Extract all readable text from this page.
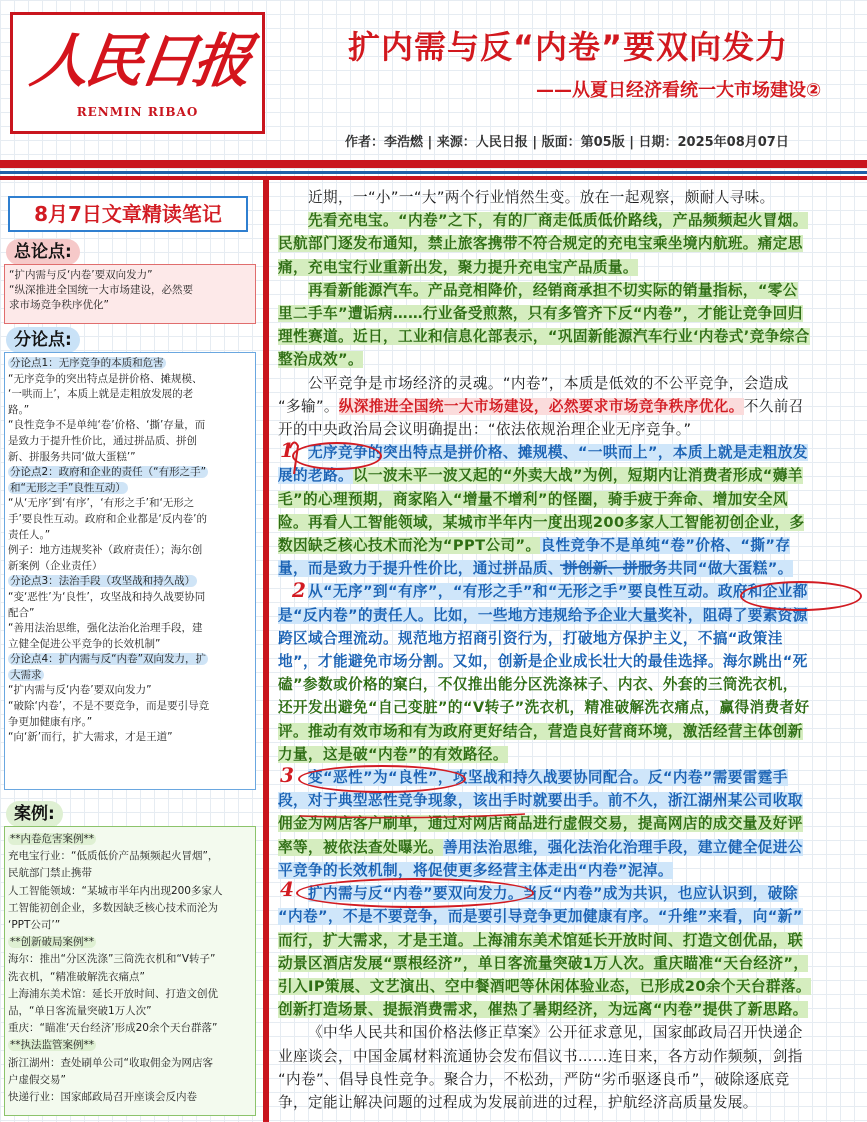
人民日报
RENMIN RIBAO
扩内需与反“内卷”要双向发力
——从夏日经济看统一大市场建设②
作者：李浩燃 | 来源：人民日报 | 版面：第05版 | 日期：2025年08月07日
8月7日文章精读笔记
总论点:
“扩内需与反‘内卷’要双向发力”
“纵深推进全国统一大市场建设，必然要
求市场竞争秩序优化”
分论点:
分论点1：无序竞争的本质和危害
“无序竞争的突出特点是拼价格、摊规模、
‘一哄而上’，本质上就是走粗放发展的老
路。”
“良性竞争不是单纯‘卷’价格、‘撕’存量，而
是致力于提升性价比，通过拼品质、拼创
新、拼服务共同‘做大蛋糕’”
分论点2：政府和企业的责任（“有形之手”
和“无形之手”良性互动）
“从‘无序’到‘有序’，‘有形之手’和‘无形之
手’要良性互动。政府和企业都是‘反内卷’的
责任人。”
例子：地方违规奖补（政府责任）；海尔创
新案例（企业责任）
分论点3：法治手段（攻坚战和持久战）
“变‘恶性’为‘良性’，攻坚战和持久战要协同
配合”
“善用法治思维，强化法治化治理手段，建
立健全促进公平竞争的长效机制”
分论点4：扩内需与反“内卷”双向发力，扩
大需求
“扩内需与反‘内卷’要双向发力”
“破除‘内卷’，不是不要竞争，而是要引导竞
争更加健康有序。”
“向‘新’而行，扩大需求，才是王道”
案例:
**内卷危害案例**
充电宝行业：“低质低价产品频频起火冒烟”，
民航部门禁止携带
人工智能领域：“某城市半年内出现200多家人
工智能初创企业，多数因缺乏核心技术而沦为
‘PPT公司’”
**创新破局案例**
海尔：推出“分区洗涤”三筒洗衣机和“V转子”
洗衣机，“精准破解洗衣痛点”
上海浦东美术馆：延长开放时间、打造文创优
品，“单日客流量突破1万人次”
重庆：“瞄准‘天台经济’形成20余个天台群落”
**执法监管案例**
浙江湖州：查处刷单公司“收取佣金为网店客
户虚假交易”
快递行业：国家邮政局召开座谈会反内卷
近期，一“小”一“大”两个行业悄然生变。放在一起观察，颇耐人寻味。
先看充电宝。“内卷”之下，有的厂商走低质低价路线，产品频频起火冒烟。
民航部门逐发布通知，禁止旅客携带不符合规定的充电宝乘坐境内航班。痛定思
痛，充电宝行业重新出发，聚力提升充电宝产品质量。
再看新能源汽车。产品竞相降价，经销商承担不切实际的销量指标，“零公
里二手车”遭诟病……行业备受煎熬，只有多管齐下反“内卷”，才能让竞争回归
理性赛道。近日，工业和信息化部表示，“巩固新能源汽车行业‘内卷式’竞争综合
整治成效”。
公平竞争是市场经济的灵魂。“内卷”，本质是低效的不公平竞争，会造成
“多输”。纵深推进全国统一大市场建设，必然要求市场竞争秩序优化。不久前召
开的中央政治局会议明确提出：“依法依规治理企业无序竞争。”
无序竞争的突出特点是拼价格、摊规模、“一哄而上”，本质上就是走粗放发
展的老路。以一波未平一波又起的“外卖大战”为例，短期内让消费者形成“薅羊
毛”的心理预期，商家陷入“增量不增利”的怪圈，骑手疲于奔命、增加安全风
险。再看人工智能领域，某城市半年内一度出现200多家人工智能初创企业，多
数因缺乏核心技术而沦为“PPT公司”。良性竞争不是单纯“卷”价格、“撕”存
量，而是致力于提升性价比，通过拼品质、拼创新、拼服务共同“做大蛋糕”。
从“无序”到“有序”，“有形之手”和“无形之手”要良性互动。政府和企业都
是“反内卷”的责任人。比如，一些地方违规给予企业大量奖补，阻碍了要素资源
跨区域合理流动。规范地方招商引资行为，打破地方保护主义，不搞“政策洼
地”，才能避免市场分割。又如，创新是企业成长壮大的最佳选择。海尔跳出“死
磕”参数或价格的窠臼，不仅推出能分区洗涤袜子、内衣、外套的三筒洗衣机，
还开发出避免“自己变脏”的“V转子”洗衣机，精准破解洗衣痛点，赢得消费者好
评。推动有效市场和有为政府更好结合，营造良好营商环境，激活经营主体创新
力量，这是破“内卷”的有效路径。
变“恶性”为“良性”，攻坚战和持久战要协同配合。反“内卷”需要雷霆手
段，对于典型恶性竞争现象，该出手时就要出手。前不久，浙江湖州某公司收取
佣金为网店客户刷单，通过对网店商品进行虚假交易，提高网店的成交量及好评
率等，被依法查处曝光。善用法治思维，强化法治化治理手段，建立健全促进公
平竞争的长效机制，将促使更多经营主体走出“内卷”泥淖。
扩内需与反“内卷”要双向发力。当反“内卷”成为共识，也应认识到，破除
“内卷”，不是不要竞争，而是要引导竞争更加健康有序。“升维”来看，向“新”
而行，扩大需求，才是王道。上海浦东美术馆延长开放时间、打造文创优品，联
动景区酒店发展“票根经济”，单日客流量突破1万人次。重庆瞄准“天台经济”，
引入IP策展、文艺演出、空中餐酒吧等休闲体验业态，已形成20余个天台群落。
创新打造场景、提振消费需求，催热了暑期经济，为远离“内卷”提供了新思路。
《中华人民共和国价格法修正草案》公开征求意见，国家邮政局召开快递企
业座谈会，中国金属材料流通协会发布倡议书……连日来，各方动作频频，剑指
“内卷”、倡导良性竞争。聚合力，不松劲，严防“劣币驱逐良币”，破除逐底竞
争，定能让解决问题的过程成为发展前进的过程，护航经济高质量发展。
1
2
3
4
